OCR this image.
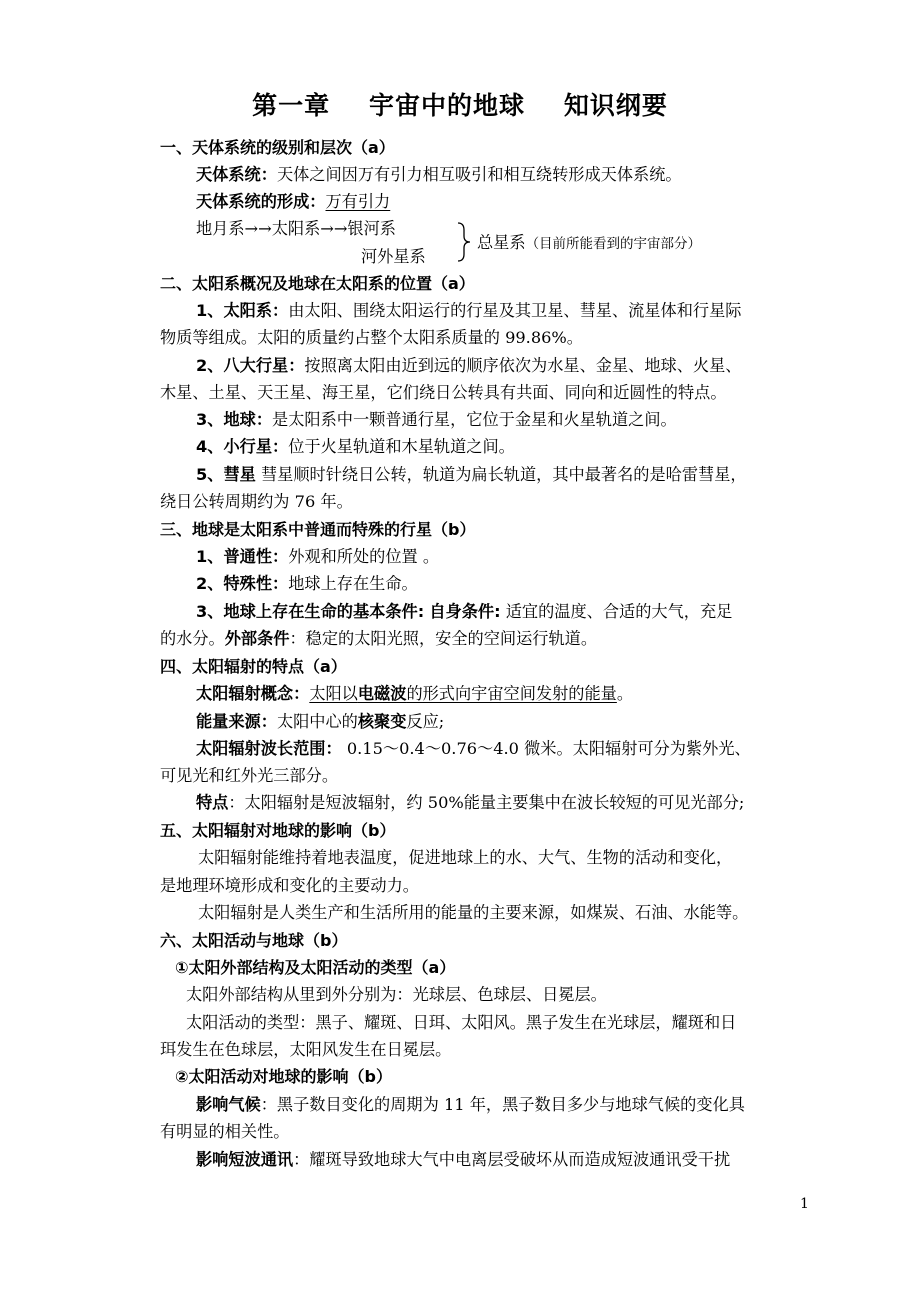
第一章 宇宙中的地球 知识纲要
一、天体系统的级别和层次（a）
天体系统：天体之间因万有引力相互吸引和相互绕转形成天体系统。
天体系统的形成：万有引力
地月系→→太阳系→→银河系
河外星系
总星系（目前所能看到的宇宙部分）
二、太阳系概况及地球在太阳系的位置（a）
1、太阳系：由太阳、围绕太阳运行的行星及其卫星、彗星、流星体和行星际
物质等组成。太阳的质量约占整个太阳系质量的 99.86%。
2、八大行星：按照离太阳由近到远的顺序依次为水星、金星、地球、火星、
木星、土星、天王星、海王星，它们绕日公转具有共面、同向和近圆性的特点。
3、地球：是太阳系中一颗普通行星，它位于金星和火星轨道之间。
4、小行星：位于火星轨道和木星轨道之间。
5、彗星 彗星顺时针绕日公转，轨道为扁长轨道，其中最著名的是哈雷彗星，
绕日公转周期约为 76 年。
三、地球是太阳系中普通而特殊的行星（b）
1、普通性：外观和所处的位置 。
2、特殊性：地球上存在生命。
3、地球上存在生命的基本条件: 自身条件: 适宜的温度、合适的大气，充足
的水分。外部条件：稳定的太阳光照，安全的空间运行轨道。
四、太阳辐射的特点（a）
太阳辐射概念：太阳以电磁波的形式向宇宙空间发射的能量。
能量来源：太阳中心的核聚变反应;
太阳辐射波长范围： 0.15～0.4～0.76～4.0 微米。太阳辐射可分为紫外光、
可见光和红外光三部分。
特点：太阳辐射是短波辐射，约 50%能量主要集中在波长较短的可见光部分;
五、太阳辐射对地球的影响（b）
太阳辐射能维持着地表温度，促进地球上的水、大气、生物的活动和变化，
是地理环境形成和变化的主要动力。
太阳辐射是人类生产和生活所用的能量的主要来源，如煤炭、石油、水能等。
六、太阳活动与地球（b）
①太阳外部结构及太阳活动的类型（a）
太阳外部结构从里到外分别为：光球层、色球层、日冕层。
太阳活动的类型：黑子、耀斑、日珥、太阳风。黑子发生在光球层，耀斑和日
珥发生在色球层，太阳风发生在日冕层。
②太阳活动对地球的影响（b）
影响气候：黑子数目变化的周期为 11 年，黑子数目多少与地球气候的变化具
有明显的相关性。
影响短波通讯：耀斑导致地球大气中电离层受破坏从而造成短波通讯受干扰
1
